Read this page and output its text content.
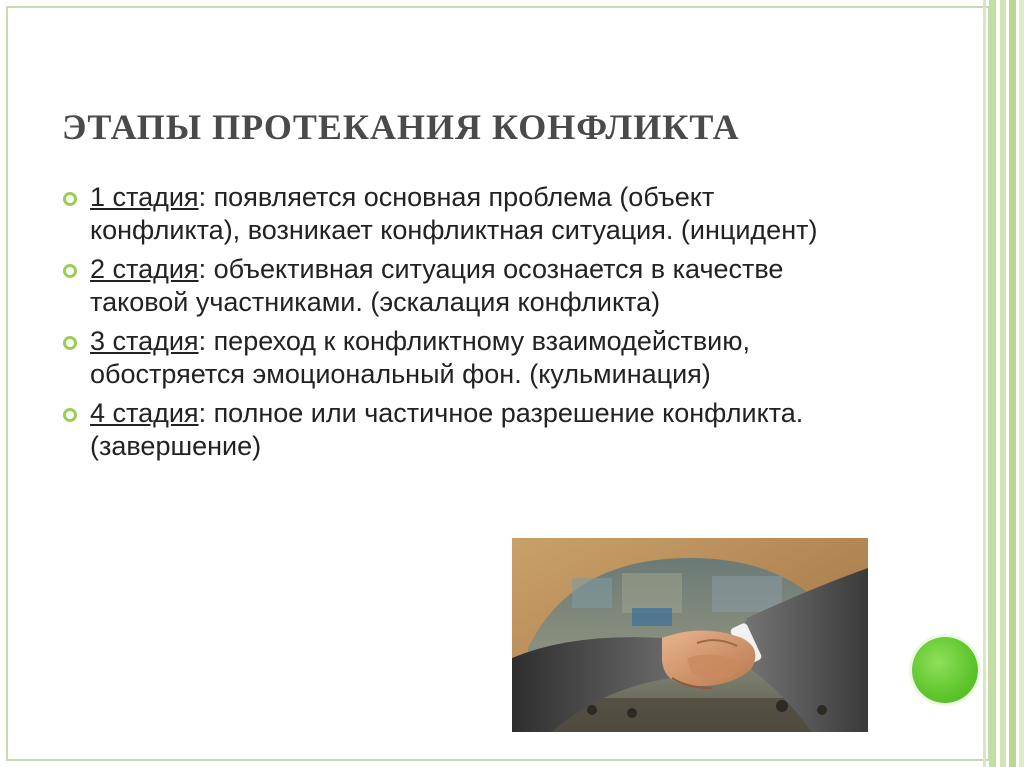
ЭТАПЫ ПРОТЕКАНИЯ КОНФЛИКТА
1 стадия: появляется основная проблема (объект конфликта), возникает конфликтная ситуация. (инцидент)
2 стадия: объективная ситуация осознается в качестве таковой участниками. (эскалация конфликта)
3 стадия: переход к конфликтному взаимодействию, обостряется эмоциональный фон. (кульминация)
4 стадия: полное или частичное разрешение конфликта. (завершение)
